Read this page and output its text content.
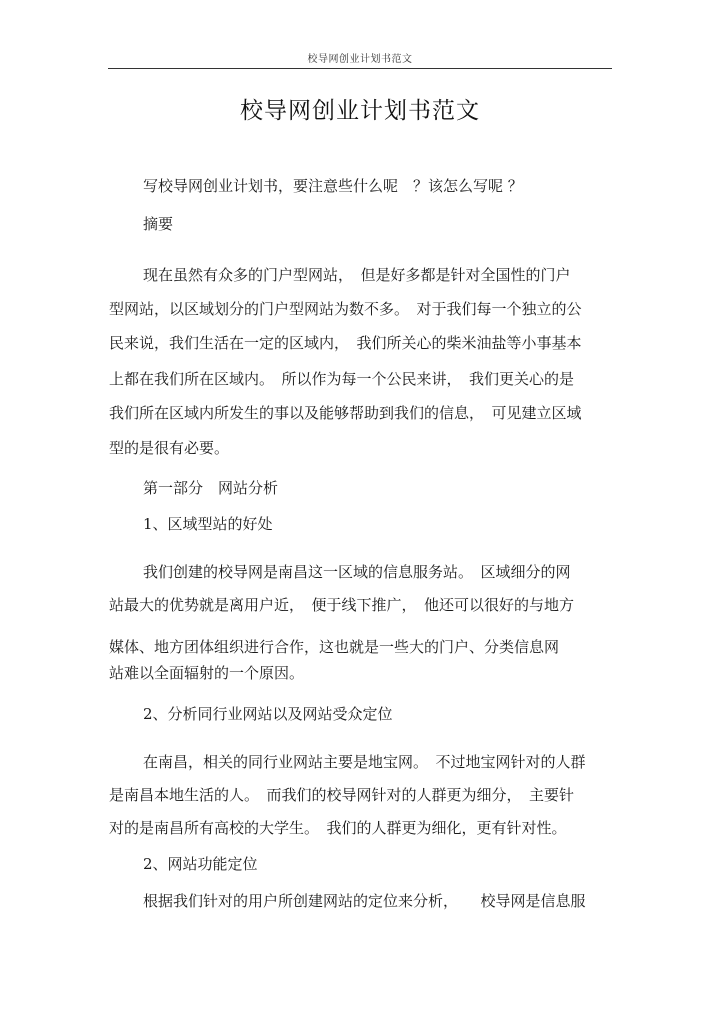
校导网创业计划书范文
校导网创业计划书范文
写校导网创业计划书，要注意些什么呢　？该怎么写呢 ？
摘要
现在虽然有众多的门户型网站，　但是好多都是针对全国性的门户
型网站，以区域划分的门户型网站为数不多。　对于我们每一个独立的公
民来说，我们生活在一定的区域内，　我们所关心的柴米油盐等小事基本
上都在我们所在区域内。　所以作为每一个公民来讲，　我们更关心的是
我们所在区域内所发生的事以及能够帮助到我们的信息，　可见建立区域
型的是很有必要。
第一部分　网站分析
1、区域型站的好处
我们创建的校导网是南昌这一区域的信息服务站。　区域细分的网
站最大的优势就是离用户近，　便于线下推广，　他还可以很好的与地方
媒体、地方团体组织进行合作，这也就是一些大的门户、分类信息网
站难以全面辐射的一个原因。
2、分析同行业网站以及网站受众定位
在南昌，相关的同行业网站主要是地宝网。　不过地宝网针对的人群
是南昌本地生活的人。　而我们的校导网针对的人群更为细分，　主要针
对的是南昌所有高校的大学生。　我们的人群更为细化，更有针对性。
2、网站功能定位
根据我们针对的用户所创建网站的定位来分析，　　校导网是信息服
